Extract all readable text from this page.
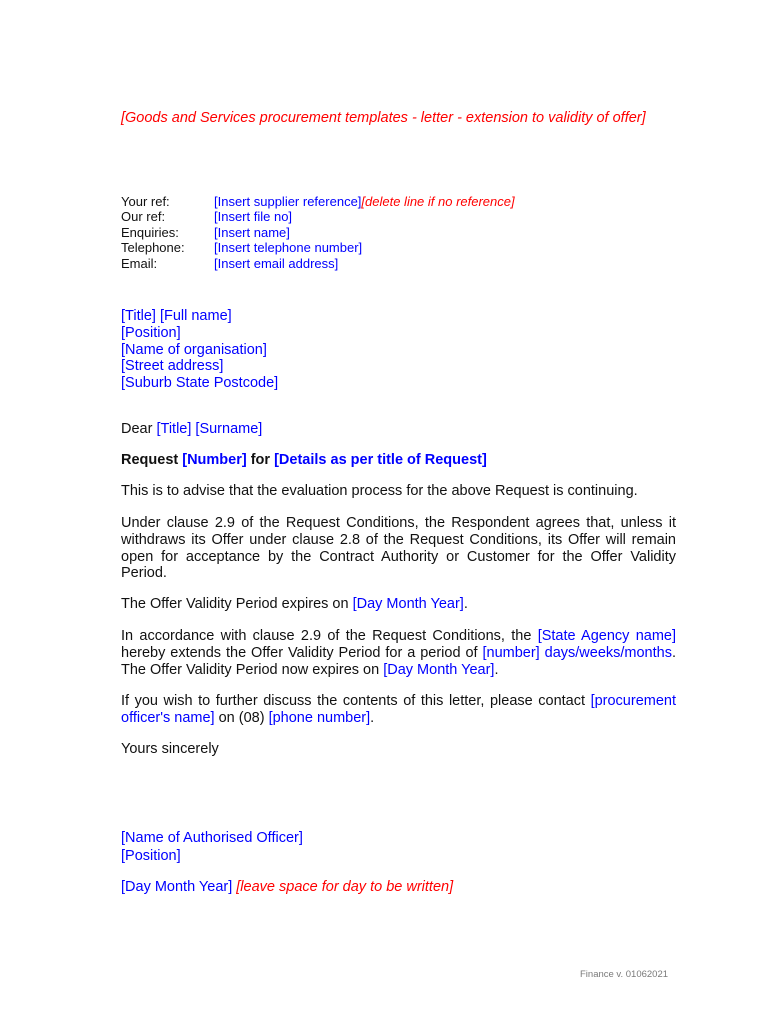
[Goods and Services procurement templates - letter - extension to validity of offer]
Your ref:	[Insert supplier reference] [delete line if no reference]
Our ref:	[Insert file no]
Enquiries:	[Insert name]
Telephone:	[Insert telephone number]
Email:	[Insert email address]
[Title] [Full name]
[Position]
[Name of organisation]
[Street address]
[Suburb State Postcode]
Dear [Title] [Surname]
Request [Number] for [Details as per title of Request]
This is to advise that the evaluation process for the above Request is continuing.
Under clause 2.9 of the Request Conditions, the Respondent agrees that, unless it withdraws its Offer under clause 2.8 of the Request Conditions, its Offer will remain open for acceptance by the Contract Authority or Customer for the Offer Validity Period.
The Offer Validity Period expires on [Day Month Year].
In accordance with clause 2.9 of the Request Conditions, the [State Agency name] hereby extends the Offer Validity Period for a period of [number] days/weeks/months. The Offer Validity Period now expires on [Day Month Year].
If you wish to further discuss the contents of this letter, please contact [procurement officer's name] on (08) [phone number].
Yours sincerely
[Name of Authorised Officer]
[Position]
[Day Month Year] [leave space for day to be written]
Finance v. 01062021
